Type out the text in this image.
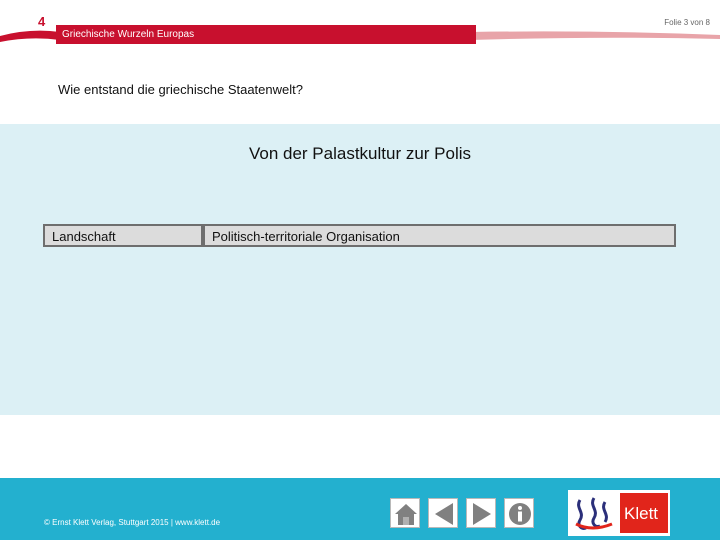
4	Folie 3 von 8
Griechische Wurzeln Europas
Wie entstand die griechische Staatenwelt?
Von der Palastkultur zur Polis
Landschaft	Politisch-territoriale Organisation
© Ernst Klett Verlag, Stuttgart 2015 | www.klett.de	Klett
